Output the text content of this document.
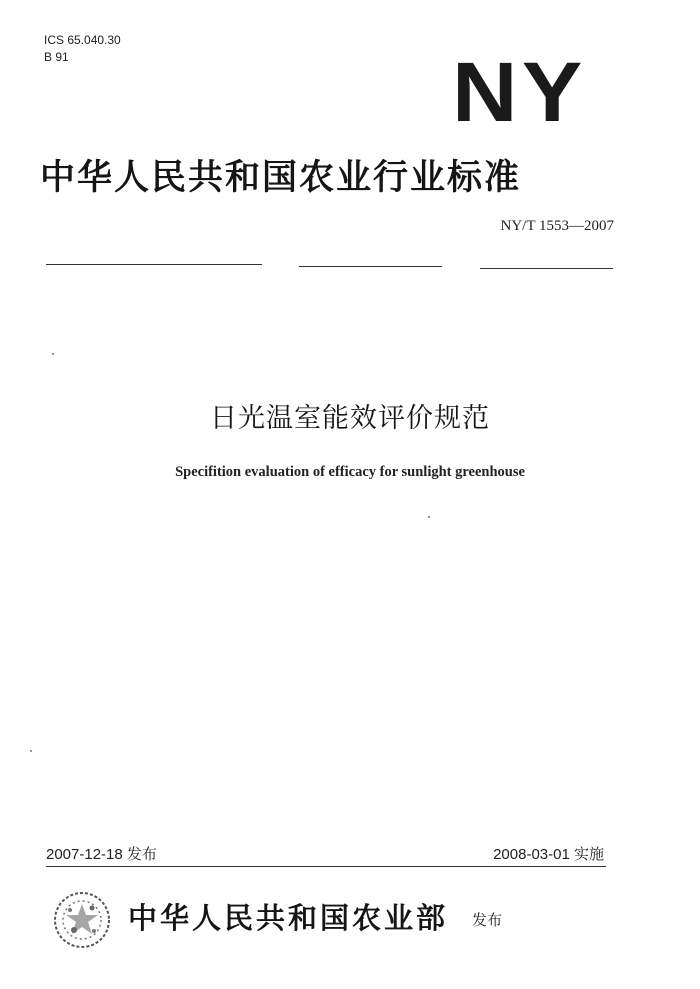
ICS 65.040.30
B 91	NY
中华人民共和国农业行业标准
NY/T 1553—2007
日光温室能效评价规范
Specifition evaluation of efficacy for sunlight greenhouse
2007-12-18 发布	2008-03-01 实施
中华人民共和国农业部 发布
